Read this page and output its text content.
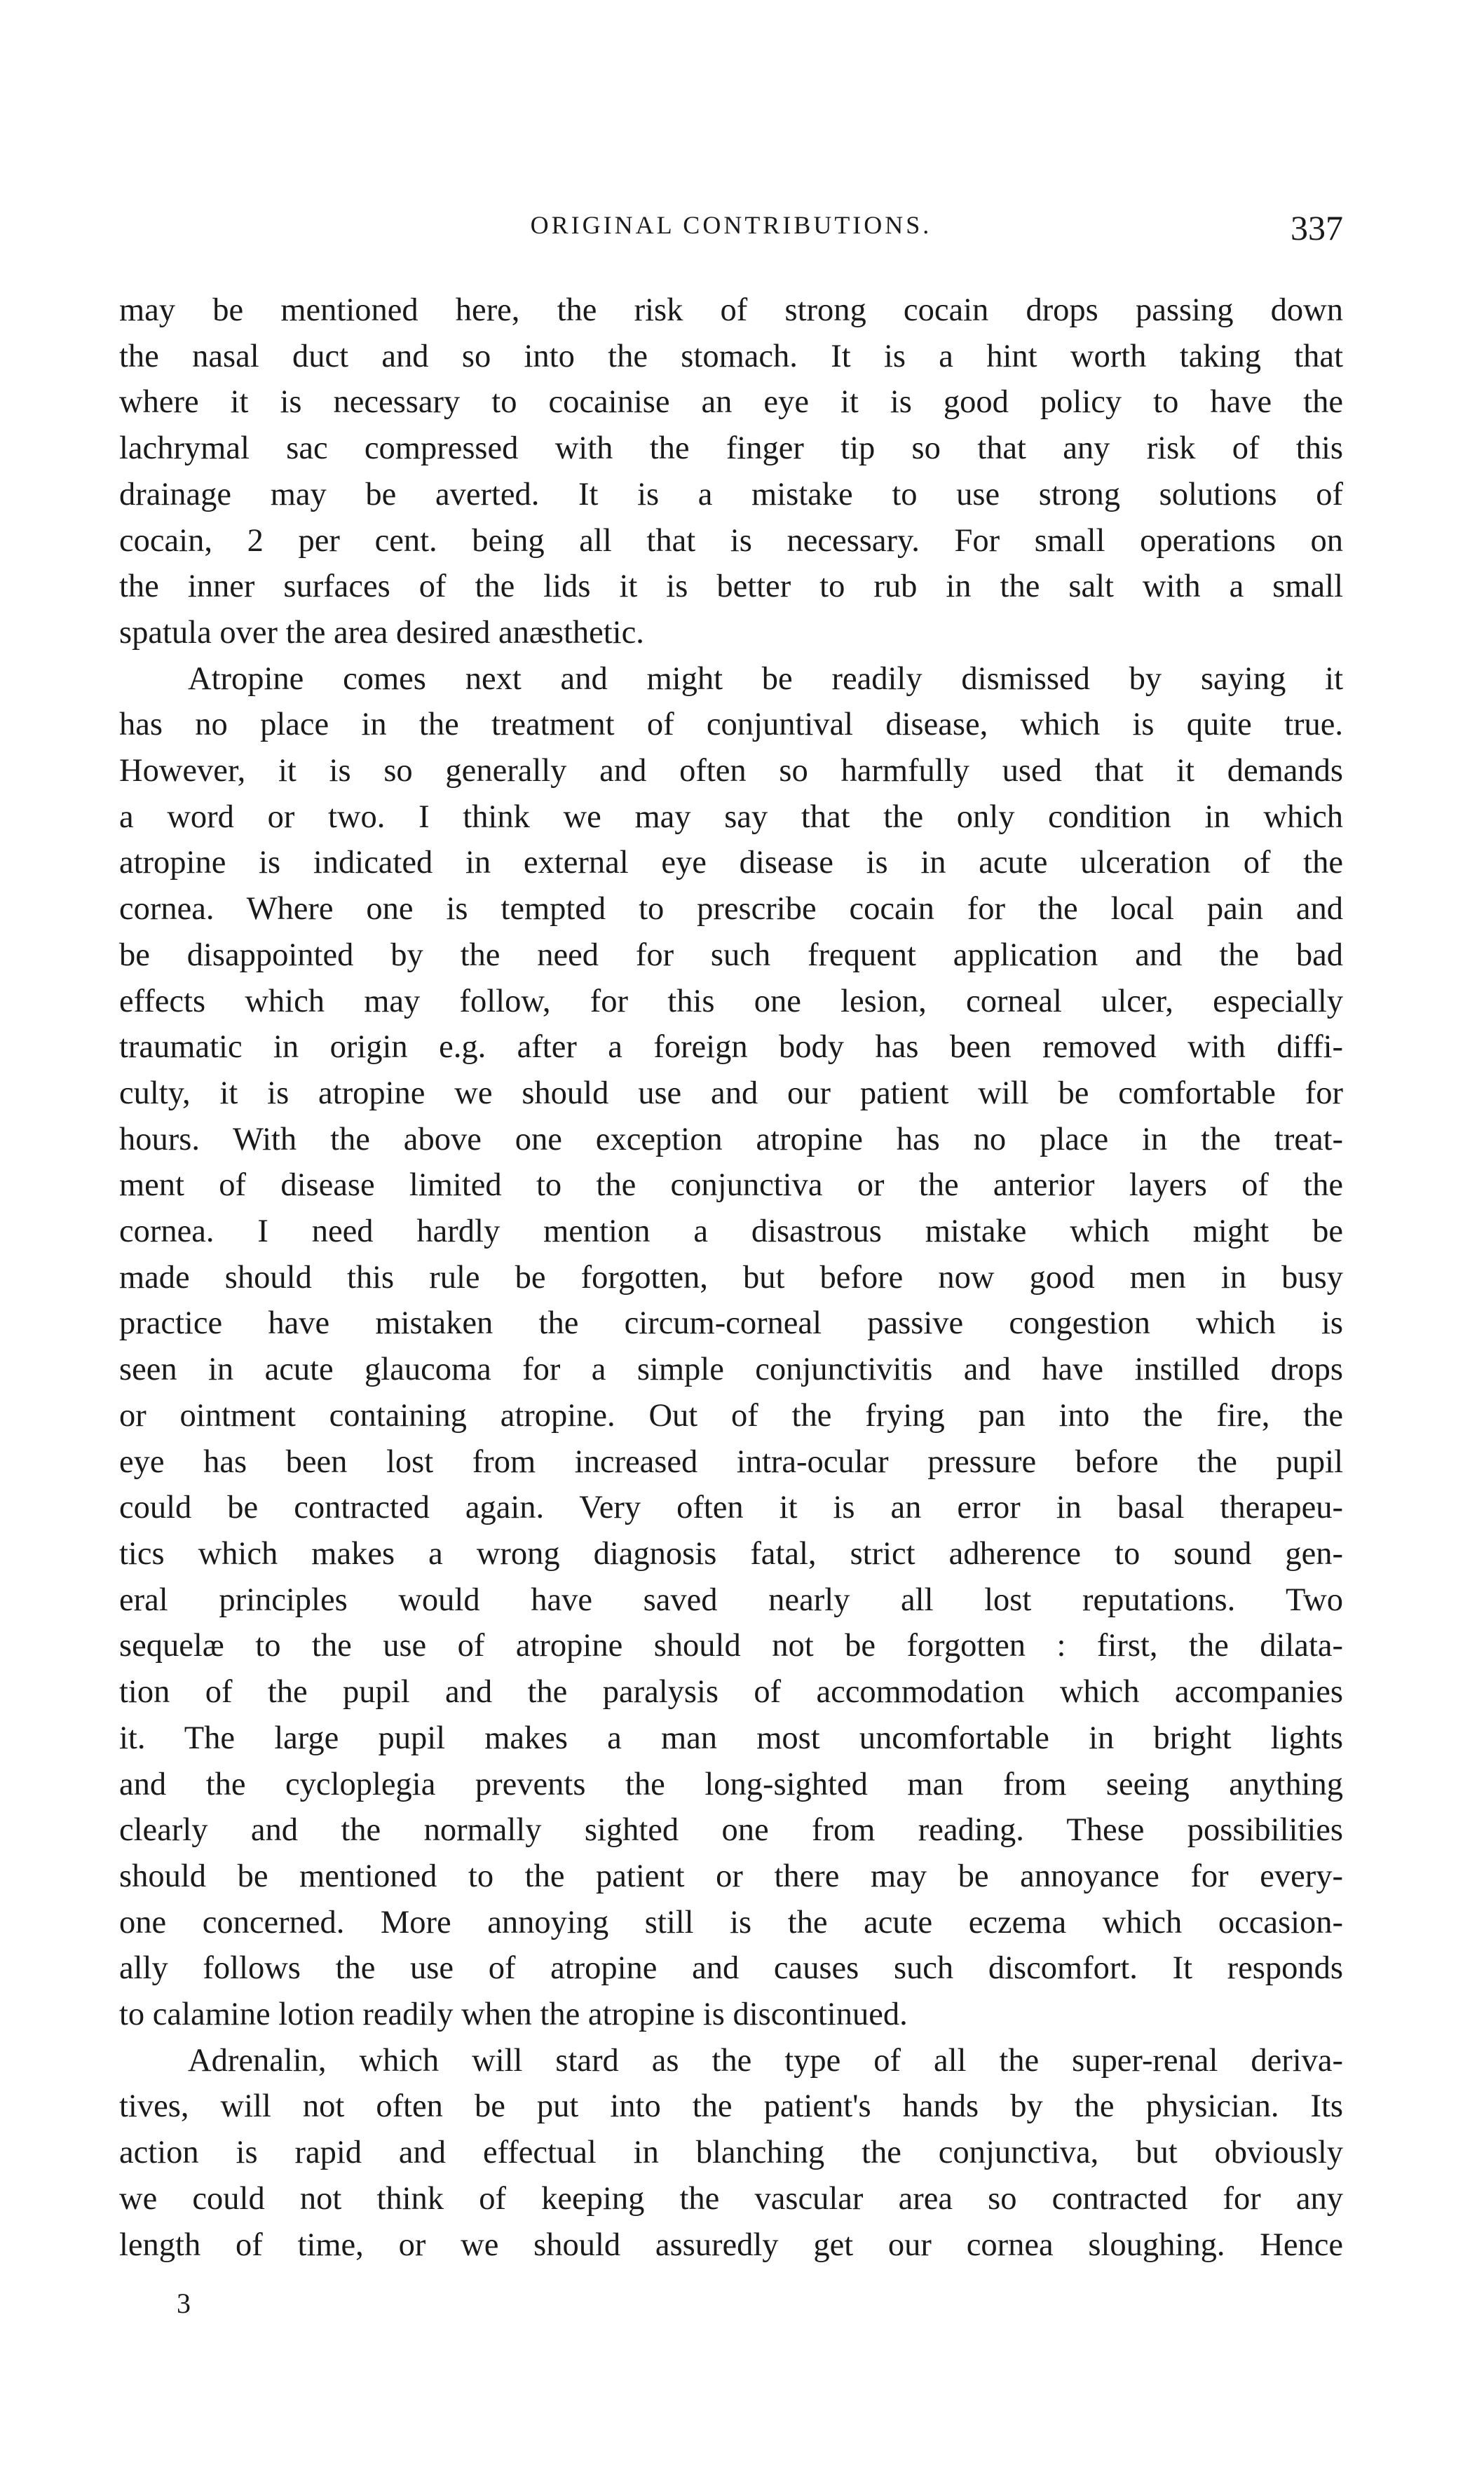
ORIGINAL CONTRIBUTIONS.	337

may be mentioned here, the risk of strong cocain drops passing down
the nasal duct and so into the stomach. It is a hint worth taking that
where it is necessary to cocainise an eye it is good policy to have the
lachrymal sac compressed with the finger tip so that any risk of this
drainage may be averted. It is a mistake to use strong solutions of
cocain, 2 per cent. being all that is necessary. For small operations on
the inner surfaces of the lids it is better to rub in the salt with a small
spatula over the area desired anæsthetic.

Atropine comes next and might be readily dismissed by saying it
has no place in the treatment of conjuntival disease, which is quite true.
However, it is so generally and often so harmfully used that it demands
a word or two. I think we may say that the only condition in which
atropine is indicated in external eye disease is in acute ulceration of the
cornea. Where one is tempted to prescribe cocain for the local pain and
be disappointed by the need for such frequent application and the bad
effects which may follow, for this one lesion, corneal ulcer, especially
traumatic in origin e.g. after a foreign body has been removed with diffi-
culty, it is atropine we should use and our patient will be comfortable for
hours. With the above one exception atropine has no place in the treat-
ment of disease limited to the conjunctiva or the anterior layers of the
cornea. I need hardly mention a disastrous mistake which might be
made should this rule be forgotten, but before now good men in busy
practice have mistaken the circum-corneal passive congestion which is
seen in acute glaucoma for a simple conjunctivitis and have instilled drops
or ointment containing atropine. Out of the frying pan into the fire, the
eye has been lost from increased intra-ocular pressure before the pupil
could be contracted again. Very often it is an error in basal therapeu-
tics which makes a wrong diagnosis fatal, strict adherence to sound gen-
eral principles would have saved nearly all lost reputations. Two
sequelæ to the use of atropine should not be forgotten : first, the dilata-
tion of the pupil and the paralysis of accommodation which accompanies
it. The large pupil makes a man most uncomfortable in bright lights
and the cycloplegia prevents the long-sighted man from seeing anything
clearly and the normally sighted one from reading. These possibilities
should be mentioned to the patient or there may be annoyance for every-
one concerned. More annoying still is the acute eczema which occasion-
ally follows the use of atropine and causes such discomfort. It responds
to calamine lotion readily when the atropine is discontinued.

Adrenalin, which will stard as the type of all the super-renal deriva-
tives, will not often be put into the patient's hands by the physician. Its
action is rapid and effectual in blanching the conjunctiva, but obviously
we could not think of keeping the vascular area so contracted for any
length of time, or we should assuredly get our cornea sloughing. Hence

3
